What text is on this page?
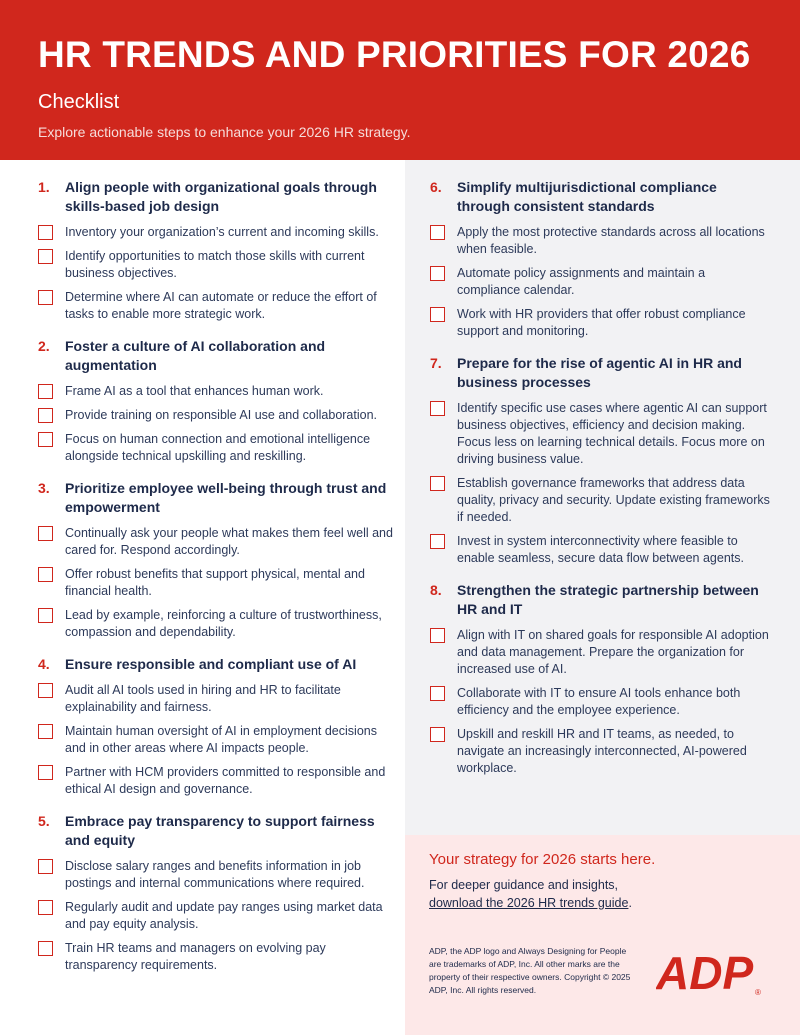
HR TRENDS AND PRIORITIES FOR 2026
Checklist
Explore actionable steps to enhance your 2026 HR strategy.
1.	Align people with organizational goals through skills-based job design
Inventory your organization’s current and incoming skills.
Identify opportunities to match those skills with current business objectives.
Determine where AI can automate or reduce the effort of tasks to enable more strategic work.
2.	Foster a culture of AI collaboration and augmentation
Frame AI as a tool that enhances human work.
Provide training on responsible AI use and collaboration.
Focus on human connection and emotional intelligence alongside technical upskilling and reskilling.
3.	Prioritize employee well-being through trust and empowerment
Continually ask your people what makes them feel well and cared for. Respond accordingly.
Offer robust benefits that support physical, mental and financial health.
Lead by example, reinforcing a culture of trustworthiness, compassion and dependability.
4.	Ensure responsible and compliant use of AI
Audit all AI tools used in hiring and HR to facilitate explainability and fairness.
Maintain human oversight of AI in employment decisions and in other areas where AI impacts people.
Partner with HCM providers committed to responsible and ethical AI design and governance.
5.	Embrace pay transparency to support fairness and equity
Disclose salary ranges and benefits information in job postings and internal communications where required.
Regularly audit and update pay ranges using market data and pay equity analysis.
Train HR teams and managers on evolving pay transparency requirements.
6.	Simplify multijurisdictional compliance through consistent standards
Apply the most protective standards across all locations when feasible.
Automate policy assignments and maintain a compliance calendar.
Work with HR providers that offer robust compliance support and monitoring.
7.	Prepare for the rise of agentic AI in HR and business processes
Identify specific use cases where agentic AI can support business objectives, efficiency and decision making. Focus less on learning technical details. Focus more on driving business value.
Establish governance frameworks that address data quality, privacy and security. Update existing frameworks if needed.
Invest in system interconnectivity where feasible to enable seamless, secure data flow between agents.
8.	Strengthen the strategic partnership between HR and IT
Align with IT on shared goals for responsible AI adoption and data management. Prepare the organization for increased use of AI.
Collaborate with IT to ensure AI tools enhance both efficiency and the employee experience.
Upskill and reskill HR and IT teams, as needed, to navigate an increasingly interconnected, AI-powered workplace.
Your strategy for 2026 starts here.
For deeper guidance and insights,
download the 2026 HR trends guide.
ADP, the ADP logo and Always Designing for People are trademarks of ADP, Inc. All other marks are the property of their respective owners. Copyright © 2025 ADP, Inc. All rights reserved.	ADP ®
